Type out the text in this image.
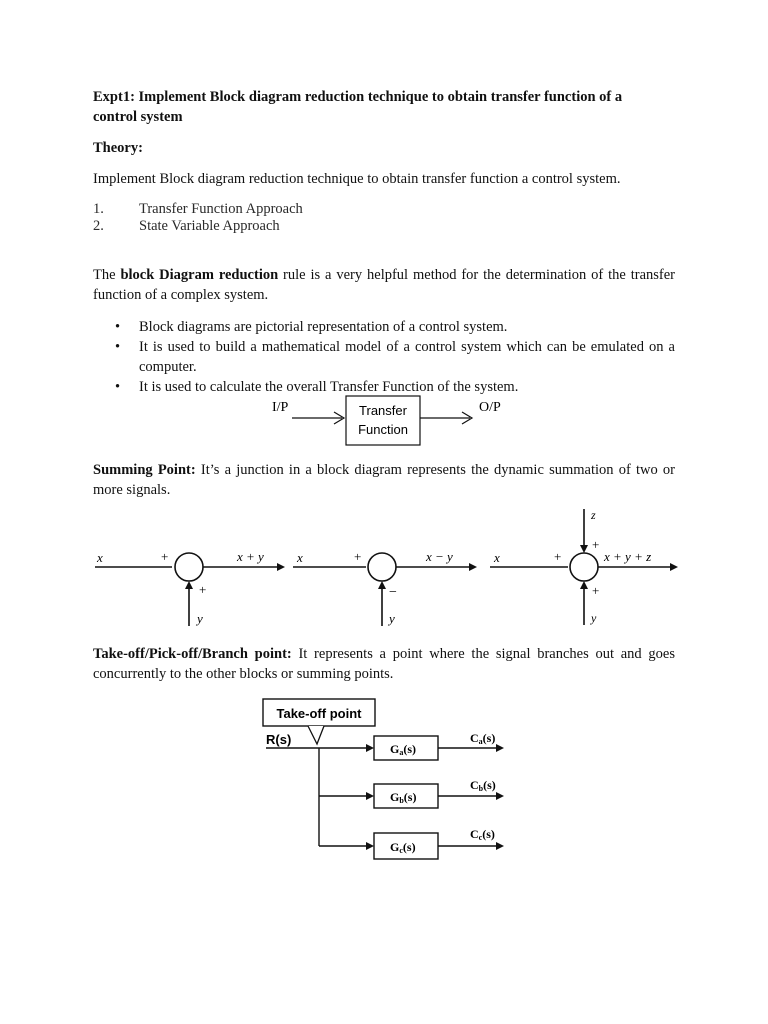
Expt1: Implement Block diagram reduction technique to obtain transfer function of a
control system

Theory:

Implement Block diagram reduction technique to obtain transfer function a control system.

1. Transfer Function Approach
2. State Variable Approach

The block Diagram reduction rule is a very helpful method for the determination of the transfer function of a complex system.

• Block diagrams are pictorial representation of a control system.
• It is used to build a mathematical model of a control system which can be emulated on a computer.
• It is used to calculate the overall Transfer Function of the system.
I/P	Transfer
Function
O/P

Summing Point: It’s a junction in a block diagram represents the dynamic summation of two or more signals.

x	+
+
x + y
y
x	+
−
x − y
y
x	+
+
+
x + y + z
z
y

Take-off/Pick-off/Branch point: It represents a point where the signal branches out and goes concurrently to the other blocks or summing points.

Take-off point
R(s)
Ga(s)
Gb(s)
Gc(s)
Ca(s)
Cb(s)
Cc(s)
